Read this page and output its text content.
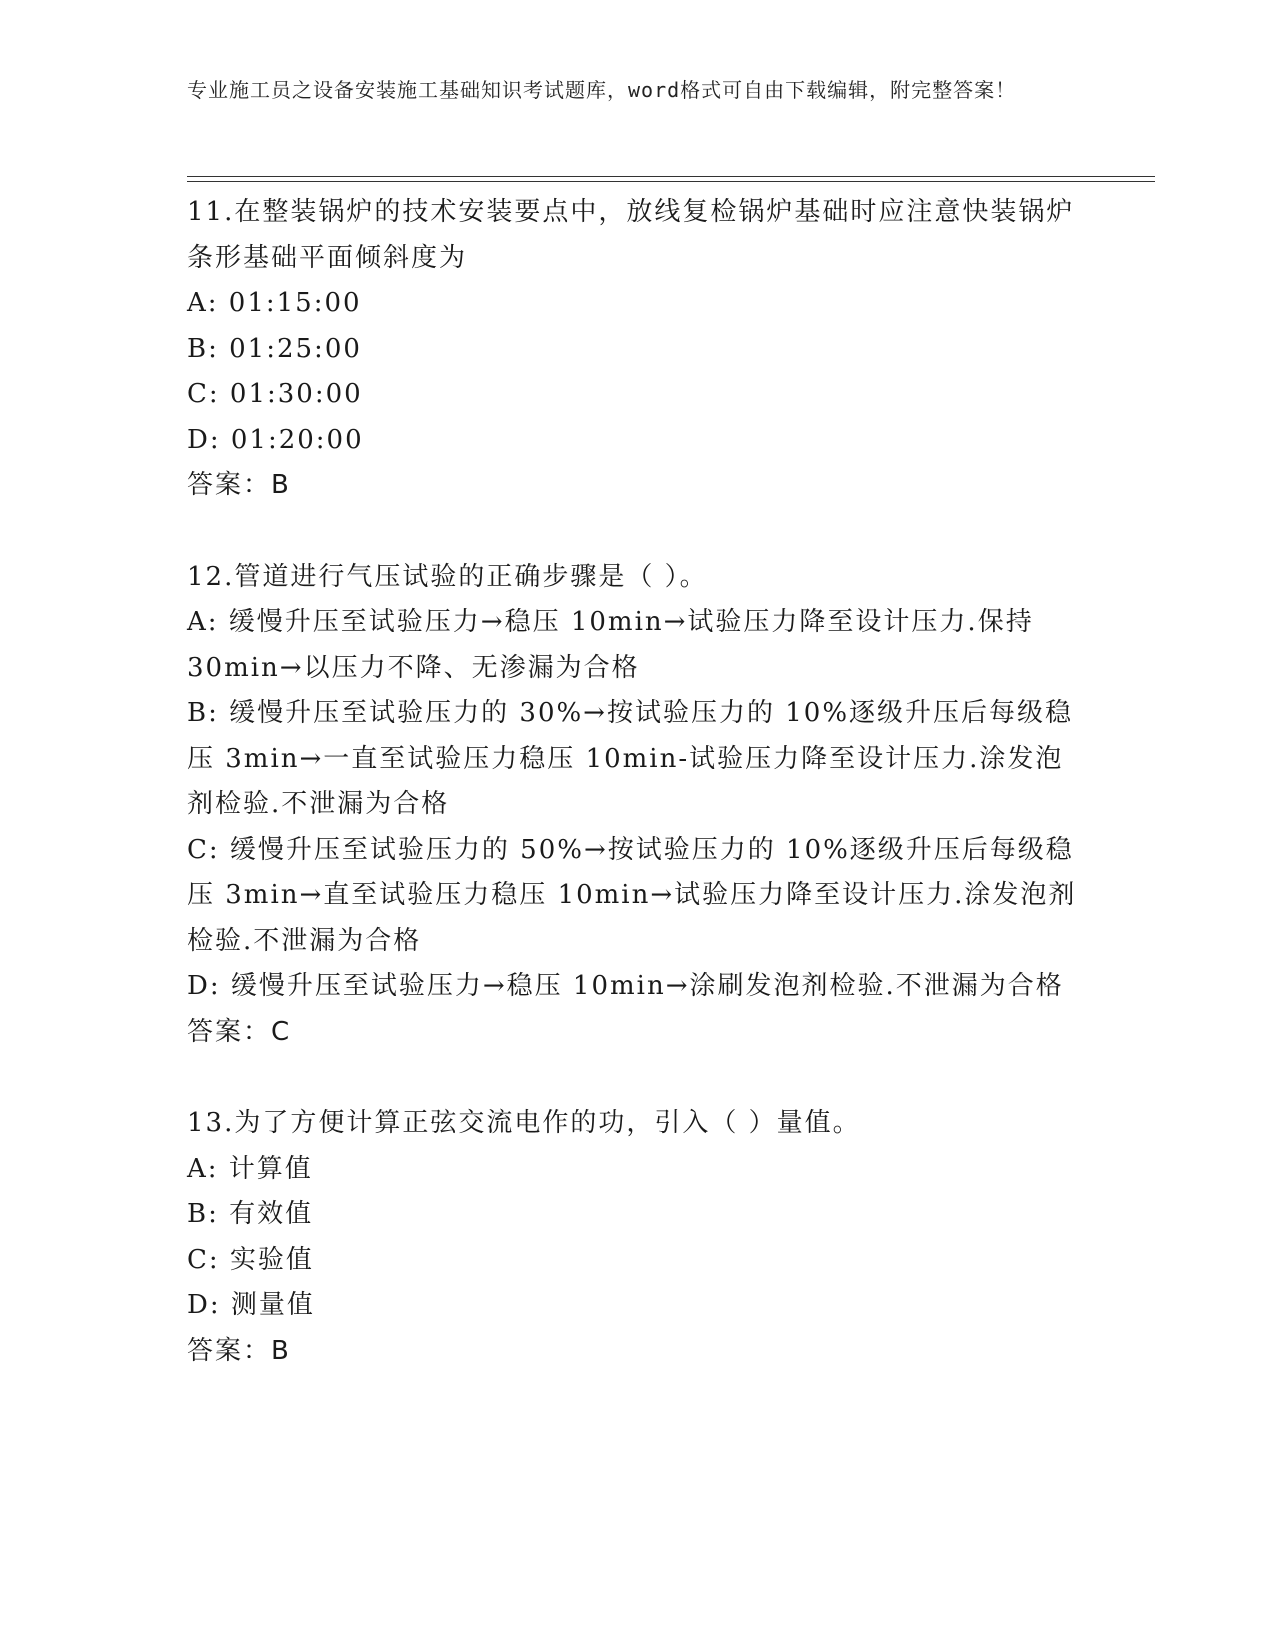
专业施工员之设备安装施工基础知识考试题库，word格式可自由下载编辑，附完整答案！
11.在整装锅炉的技术安装要点中，放线复检锅炉基础时应注意快装锅炉条形基础平面倾斜度为
A: 01:15:00
B: 01:25:00
C: 01:30:00
D: 01:20:00
答案：B
12.管道进行气压试验的正确步骤是（ ）。
A: 缓慢升压至试验压力→稳压 10min→试验压力降至设计压力.保持30min→以压力不降、无渗漏为合格
B: 缓慢升压至试验压力的 30%→按试验压力的 10%逐级升压后每级稳压 3min→一直至试验压力稳压 10min-试验压力降至设计压力.涂发泡剂检验.不泄漏为合格
C: 缓慢升压至试验压力的 50%→按试验压力的 10%逐级升压后每级稳压 3min→直至试验压力稳压 10min→试验压力降至设计压力.涂发泡剂检验.不泄漏为合格
D: 缓慢升压至试验压力→稳压 10min→涂刷发泡剂检验.不泄漏为合格
答案：C
13.为了方便计算正弦交流电作的功，引入（ ）量值。
A: 计算值
B: 有效值
C: 实验值
D: 测量值
答案：B
